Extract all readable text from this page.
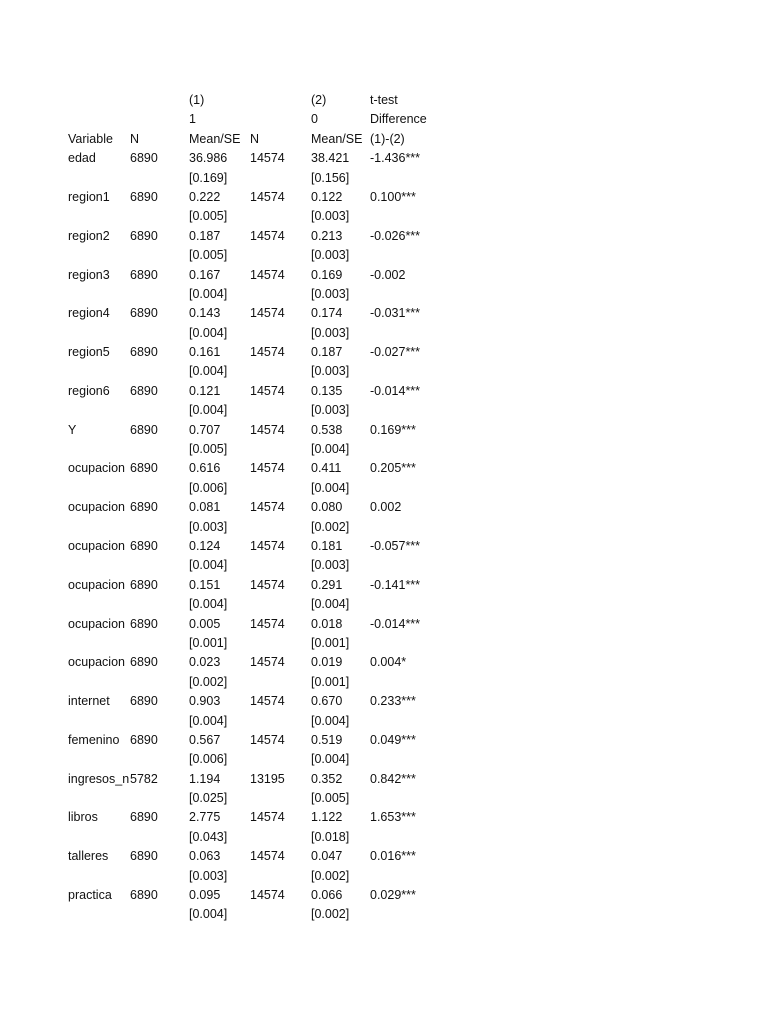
(1)	(2)	t-test
1	0	Difference
Variable N	Mean/SE N	Mean/SE (1)-(2)
edad	6890 36.986 14574 38.421 -1.436***
[0.169]	[0.156]
region1 6890 0.222 14574 0.122 0.100***
[0.005]	[0.003]
region2 6890 0.187 14574 0.213 -0.026***
[0.005]	[0.003]
region3 6890 0.167 14574 0.169 -0.002
[0.004]	[0.003]
region4 6890 0.143 14574 0.174 -0.031***
[0.004]	[0.003]
region5 6890 0.161 14574 0.187 -0.027***
[0.004]	[0.003]
region6 6890 0.121 14574 0.135 -0.014***
[0.004]	[0.003]
Y	6890 0.707 14574 0.538 0.169***
[0.005]	[0.004]
ocupacion 6890 0.616 14574 0.411 0.205***
[0.006]	[0.004]
ocupacion 6890 0.081 14574 0.080 0.002
[0.003]	[0.002]
ocupacion 6890 0.124 14574 0.181 -0.057***
[0.004]	[0.003]
ocupacion 6890 0.151 14574 0.291 -0.141***
[0.004]	[0.004]
ocupacion 6890 0.005 14574 0.018 -0.014***
[0.001]	[0.001]
ocupacion 6890 0.023 14574 0.019 0.004*
[0.002]	[0.001]
internet 6890 0.903 14574 0.670 0.233***
[0.004]	[0.004]
femenino 6890 0.567 14574 0.519 0.049***
[0.006]	[0.004]
ingresos_n 5782 1.194 13195 0.352 0.842***
[0.025]	[0.005]
libros	6890 2.775 14574 1.122 1.653***
[0.043]	[0.018]
talleres 6890 0.063 14574 0.047 0.016***
[0.003]	[0.002]
practica 6890 0.095 14574 0.066 0.029***
[0.004]	[0.002]
